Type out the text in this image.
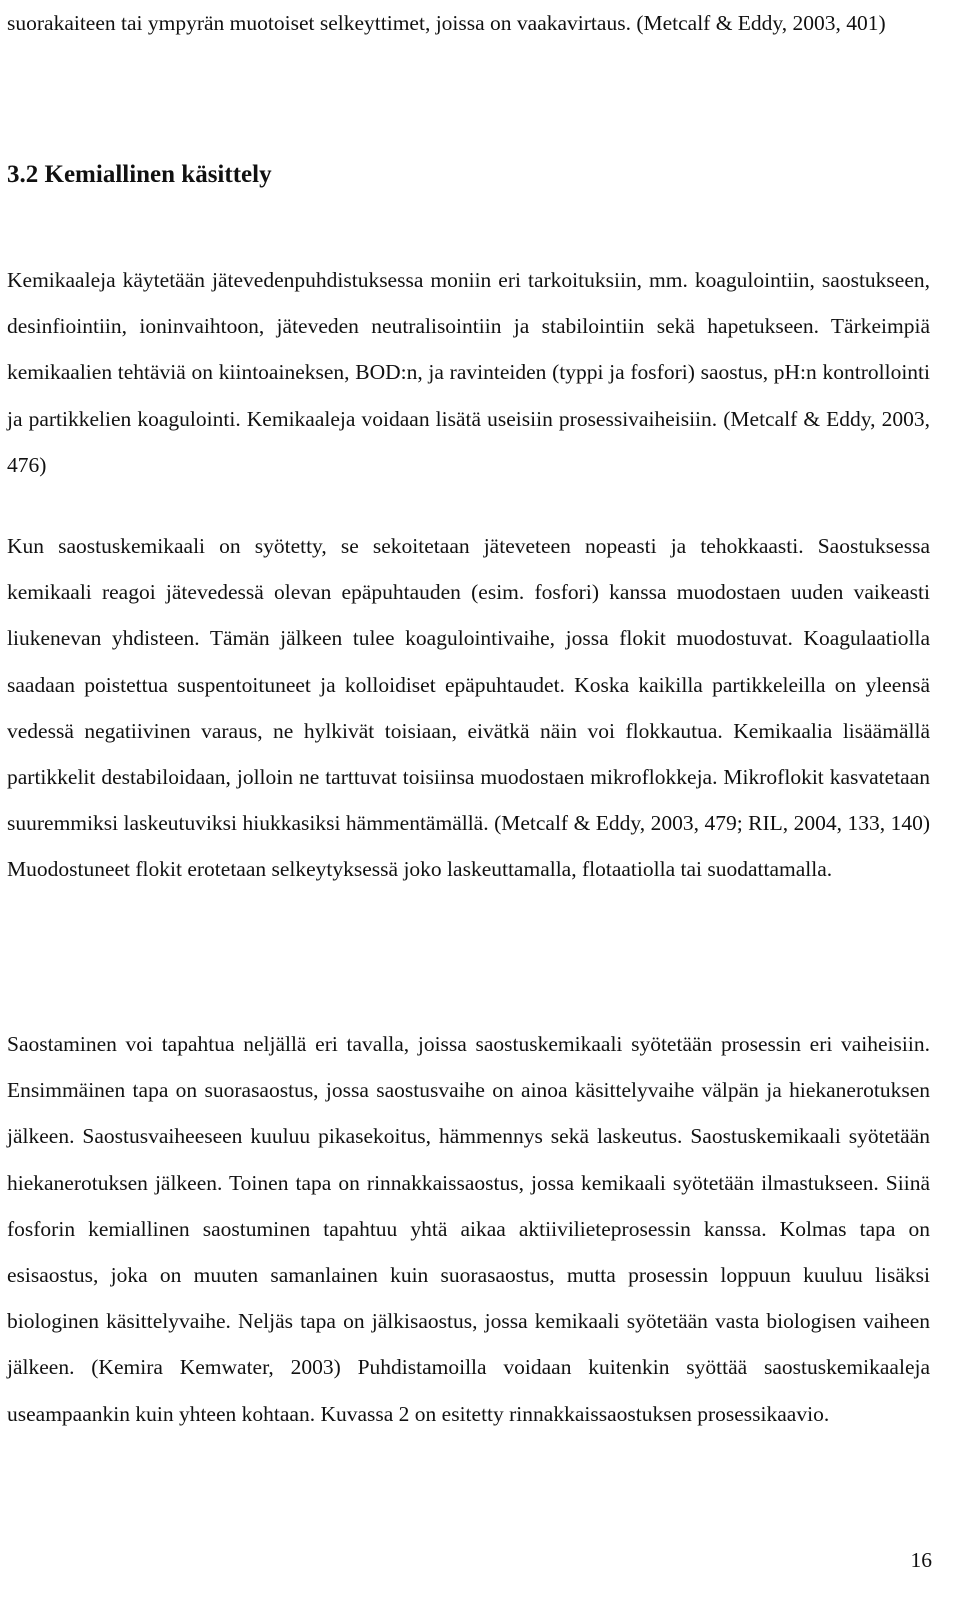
suorakaiteen tai ympyrän muotoiset selkeyttimet, joissa on vaakavirtaus. (Metcalf & Eddy, 2003, 401)

3.2 Kemiallinen käsittely

Kemikaaleja käytetään jätevedenpuhdistuksessa moniin eri tarkoituksiin, mm. koagulointiin, saostukseen, desinfiointiin, ioninvaihtoon, jäteveden neutralisointiin ja stabilointiin sekä hapetukseen. Tärkeimpiä kemikaalien tehtäviä on kiintoaineksen, BOD:n, ja ravinteiden (typpi ja fosfori) saostus, pH:n kontrollointi ja partikkelien koagulointi. Kemikaaleja voidaan lisätä useisiin prosessivaiheisiin. (Metcalf & Eddy, 2003, 476)

Kun saostuskemikaali on syötetty, se sekoitetaan jäteveteen nopeasti ja tehokkaasti. Saostuksessa kemikaali reagoi jätevedessä olevan epäpuhtauden (esim. fosfori) kanssa muodostaen uuden vaikeasti liukenevan yhdisteen. Tämän jälkeen tulee koagulointivaihe, jossa flokit muodostuvat. Koagulaatiolla saadaan poistettua suspentoituneet ja kolloidiset epäpuhtaudet. Koska kaikilla partikkeleilla on yleensä vedessä negatiivinen varaus, ne hylkivät toisiaan, eivätkä näin voi flokkautua. Kemikaalia lisäämällä partikkelit destabiloidaan, jolloin ne tarttuvat toisiinsa muodostaen mikroflokkeja. Mikroflokit kasvatetaan suuremmiksi laskeutuviksi hiukkasiksi hämmentämällä. (Metcalf & Eddy, 2003, 479; RIL, 2004, 133, 140) Muodostuneet flokit erotetaan selkeytyksessä joko laskeuttamalla, flotaatiolla tai suodattamalla.

Saostaminen voi tapahtua neljällä eri tavalla, joissa saostuskemikaali syötetään prosessin eri vaiheisiin. Ensimmäinen tapa on suorasaostus, jossa saostusvaihe on ainoa käsittelyvaihe välpän ja hiekanerotuksen jälkeen. Saostusvaiheeseen kuuluu pikasekoitus, hämmennys sekä laskeutus. Saostuskemikaali syötetään hiekanerotuksen jälkeen. Toinen tapa on rinnakkaissaostus, jossa kemikaali syötetään ilmastukseen. Siinä fosforin kemiallinen saostuminen tapahtuu yhtä aikaa aktiivilieteprosessin kanssa. Kolmas tapa on esisaostus, joka on muuten samanlainen kuin suorasaostus, mutta prosessin loppuun kuuluu lisäksi biologinen käsittelyvaihe. Neljäs tapa on jälkisaostus, jossa kemikaali syötetään vasta biologisen vaiheen jälkeen. (Kemira Kemwater, 2003) Puhdistamoilla voidaan kuitenkin syöttää saostuskemikaaleja useampaankin kuin yhteen kohtaan. Kuvassa 2 on esitetty rinnakkaissaostuksen prosessikaavio.

16
